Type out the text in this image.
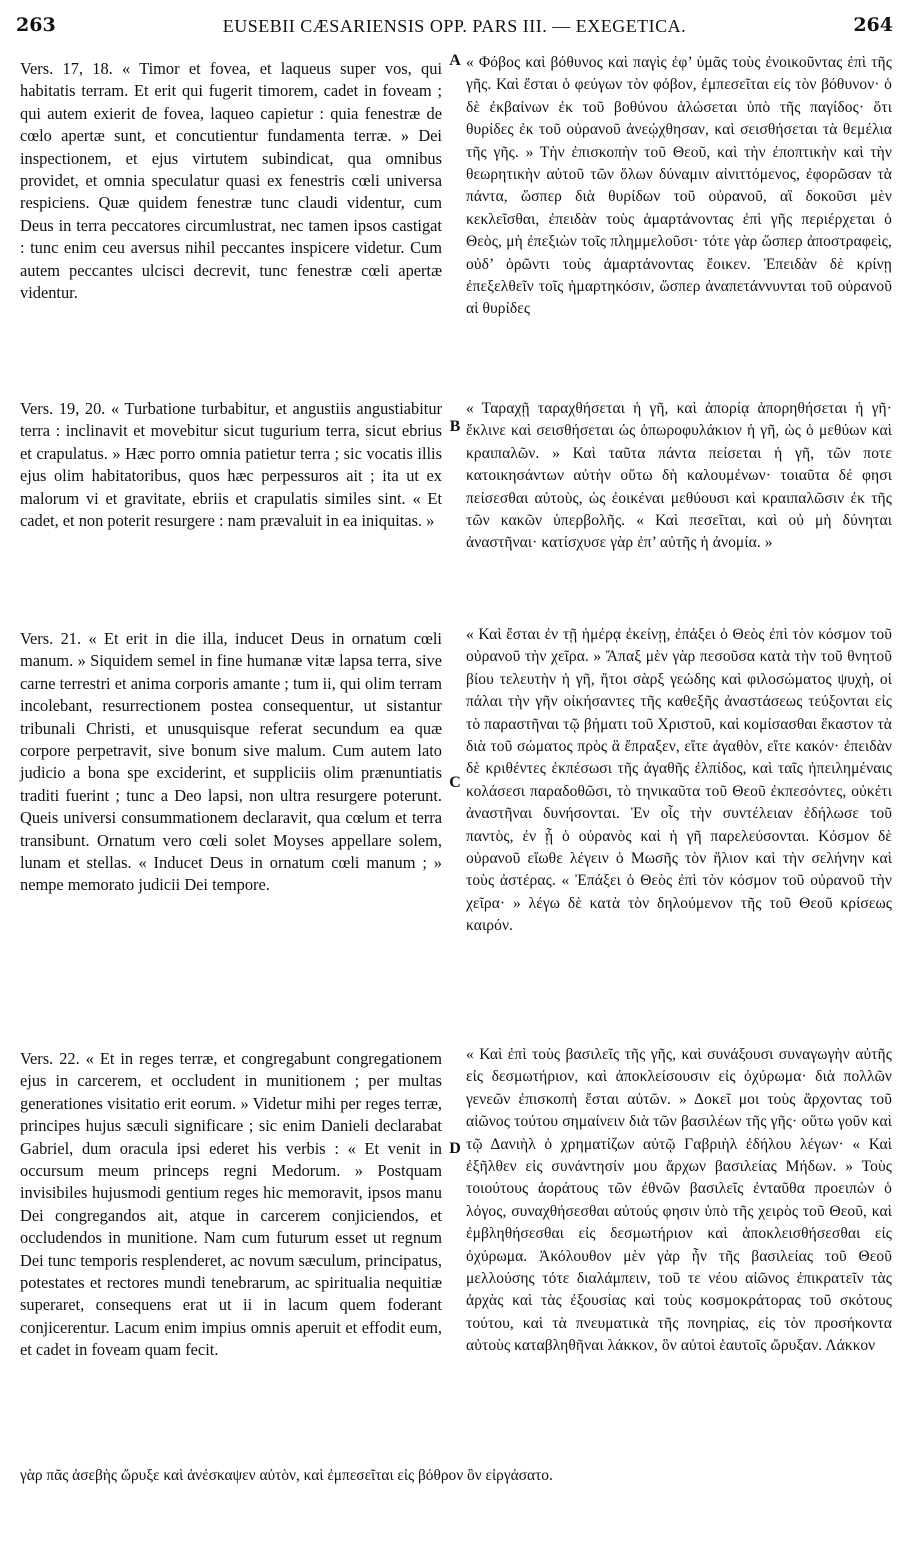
263	EUSEBII CÆSARIENSIS OPP. PARS III. — EXEGETICA.	264

Vers. 17, 18. « Timor et fovea, et laqueus super vos, qui habitatis terram. Et erit qui fugerit timorem, cadet in foveam ; qui autem exierit de fovea, laqueo capietur : quia fenestræ de cœlo apertæ sunt, et concutientur fundamenta terræ. » Dei inspectionem, et ejus virtutem subindicat, qua omnibus providet, et omnia speculatur quasi ex fenestris cœli universa respiciens. Quæ quidem fenestræ tunc claudi videntur, cum Deus in terra peccatores circumlustrat, nec tamen ipsos castigat : tunc enim ceu aversus nihil peccantes inspicere videtur. Cum autem peccantes ulcisci decrevit, tunc fenestræ cœli apertæ videntur.

Vers. 19, 20. « Turbatione turbabitur, et angustiis angustiabitur terra : inclinavit et movebitur sicut tugurium terra, sicut ebrius et crapulatus. » Hæc porro omnia patietur terra ; sic vocatis illis ejus olim habitatoribus, quos hæc perpessuros ait ; ita ut ex malorum vi et gravitate, ebriis et crapulatis similes sint. « Et cadet, et non poterit resurgere : nam prævaluit in ea iniquitas. »

Vers. 21. « Et erit in die illa, inducet Deus in ornatum cœli manum. » Siquidem semel in fine humanæ vitæ lapsa terra, sive carne terrestri et anima corporis amante ; tum ii, qui olim terram incolebant, resurrectionem postea consequentur, ut sistantur tribunali Christi, et unusquisque referat secundum ea quæ corpore perpetravit, sive bonum sive malum. Cum autem lato judicio a bona spe exciderint, et suppliciis olim prænuntiatis traditi fuerint ; tunc a Deo lapsi, non ultra resurgere poterunt. Queis universi consummationem declaravit, qua cœlum et terra transibunt. Ornatum vero cœli solet Moyses appellare solem, lunam et stellas. « Inducet Deus in ornatum cœli manum ; » nempe memorato judicii Dei tempore.

Vers. 22. « Et in reges terræ, et congregabunt congregationem ejus in carcerem, et occludent in munitionem ; per multas generationes visitatio erit eorum. » Videtur mihi per reges terræ, principes hujus sæculi significare ; sic enim Danieli declarabat Gabriel, dum oracula ipsi ederet his verbis : « Et venit in occursum meum princeps regni Medorum. » Postquam invisibiles hujusmodi gentium reges hic memoravit, ipsos manu Dei congregandos ait, atque in carcerem conjiciendos, et occludendos in munitione. Nam cum futurum esset ut regnum Dei tunc temporis resplenderet, ac novum sæculum, principatus, potestates et rectores mundi tenebrarum, ac spiritualia nequitiæ superaret, consequens erat ut ii in lacum quem foderant conjicerentur. Lacum enim impius omnis aperuit et effodit eum, et cadet in foveam quam fecit.

A
B
C
D

« Φόβος καὶ βόθυνος καὶ παγὶς ἐφ’ ὑμᾶς τοὺς ἐνοικοῦντας ἐπὶ τῆς γῆς. Καὶ ἔσται ὁ φεύγων τὸν φόβον, ἐμπεσεῖται εἰς τὸν βόθυνον· ὁ δὲ ἐκβαίνων ἐκ τοῦ βοθύνου ἁλώσεται ὑπὸ τῆς παγίδος· ὅτι θυρίδες ἐκ τοῦ οὐρανοῦ ἀνεῴχθησαν, καὶ σεισθήσεται τὰ θεμέλια τῆς γῆς. » Τὴν ἐπισκοπὴν τοῦ Θεοῦ, καὶ τὴν ἐποπτικὴν καὶ τὴν θεωρητικὴν αὐτοῦ τῶν ὅλων δύναμιν αἰνιττόμενος, ἐφορῶσαν τὰ πάντα, ὥσπερ διὰ θυρίδων τοῦ οὐρανοῦ, αἳ δοκοῦσι μὲν κεκλεῖσθαι, ἐπειδὰν τοὺς ἁμαρτάνοντας ἐπὶ γῆς περιέρχεται ὁ Θεὸς, μὴ ἐπεξιὼν τοῖς πλημμελοῦσι· τότε γὰρ ὥσπερ ἀποστραφεὶς, οὐδ’ ὁρῶντι τοὺς ἁμαρτάνοντας ἔοικεν. Ἐπειδὰν δὲ κρίνῃ ἐπεξελθεῖν τοῖς ἡμαρτηκόσιν, ὥσπερ ἀναπετάννυνται τοῦ οὐρανοῦ αἱ θυρίδες

« Ταραχῇ ταραχθήσεται ἡ γῆ, καὶ ἀπορίᾳ ἀπορηθήσεται ἡ γῆ· ἔκλινε καὶ σεισθήσεται ὡς ὀπωροφυλάκιον ἡ γῆ, ὡς ὁ μεθύων καὶ κραιπαλῶν. » Καὶ ταῦτα πάντα πείσεται ἡ γῆ, τῶν ποτε κατοικησάντων αὐτὴν οὕτω δὴ καλουμένων· τοιαῦτα δέ φησι πείσεσθαι αὐτοὺς, ὡς ἐοικέναι μεθύουσι καὶ κραιπαλῶσιν ἐκ τῆς τῶν κακῶν ὑπερβολῆς. « Καὶ πεσεῖται, καὶ οὐ μὴ δύνηται ἀναστῆναι· κατίσχυσε γὰρ ἐπ’ αὐτῆς ἡ ἀνομία. »

« Καὶ ἔσται ἐν τῇ ἡμέρᾳ ἐκείνῃ, ἐπάξει ὁ Θεὸς ἐπὶ τὸν κόσμον τοῦ οὐρανοῦ τὴν χεῖρα. » Ἅπαξ μὲν γὰρ πεσοῦσα κατὰ τὴν τοῦ θνητοῦ βίου τελευτὴν ἡ γῆ, ἤτοι σὰρξ γεώδης καὶ φιλοσώματος ψυχὴ, οἱ πάλαι τὴν γῆν οἰκήσαντες τῆς καθεξῆς ἀναστάσεως τεύξονται εἰς τὸ παραστῆναι τῷ βήματι τοῦ Χριστοῦ, καὶ κομίσασθαι ἕκαστον τὰ διὰ τοῦ σώματος πρὸς ἃ ἔπραξεν, εἴτε ἀγαθὸν, εἴτε κακόν· ἐπειδὰν δὲ κριθέντες ἐκπέσωσι τῆς ἀγαθῆς ἐλπίδος, καὶ ταῖς ἠπειλημέναις κολάσεσι παραδοθῶσι, τὸ τηνικαῦτα τοῦ Θεοῦ ἐκπεσόντες, οὐκέτι ἀναστῆναι δυνήσονται. Ἐν οἷς τὴν συντέλειαν ἐδήλωσε τοῦ παντὸς, ἐν ᾗ ὁ οὐρανὸς καὶ ἡ γῆ παρελεύσονται. Κόσμον δὲ οὐρανοῦ εἴωθε λέγειν ὁ Μωσῆς τὸν ἥλιον καὶ τὴν σελήνην καὶ τοὺς ἀστέρας. « Ἐπάξει ὁ Θεὸς ἐπὶ τὸν κόσμον τοῦ οὐρανοῦ τὴν χεῖρα· » λέγω δὲ κατὰ τὸν δηλούμενον τῆς τοῦ Θεοῦ κρίσεως καιρόν.

« Καὶ ἐπὶ τοὺς βασιλεῖς τῆς γῆς, καὶ συνάξουσι συναγωγὴν αὐτῆς εἰς δεσμωτήριον, καὶ ἀποκλείσουσιν εἰς ὀχύρωμα· διὰ πολλῶν γενεῶν ἐπισκοπὴ ἔσται αὐτῶν. » Δοκεῖ μοι τοὺς ἄρχοντας τοῦ αἰῶνος τούτου σημαίνειν διὰ τῶν βασιλέων τῆς γῆς· οὕτω γοῦν καὶ τῷ Δανιὴλ ὁ χρηματίζων αὐτῷ Γαβριὴλ ἐδήλου λέγων· « Καὶ ἐξῆλθεν εἰς συνάντησίν μου ἄρχων βασιλείας Μήδων. » Τοὺς τοιούτους ἀοράτους τῶν ἐθνῶν βασιλεῖς ἐνταῦθα προειπὼν ὁ λόγος, συναχθήσεσθαι αὐτούς φησιν ὑπὸ τῆς χειρὸς τοῦ Θεοῦ, καὶ ἐμβληθήσεσθαι εἰς δεσμωτήριον καὶ ἀποκλεισθήσεσθαι εἰς ὀχύρωμα. Ἀκόλουθον μὲν γὰρ ἦν τῆς βασιλείας τοῦ Θεοῦ μελλούσης τότε διαλάμπειν, τοῦ τε νέου αἰῶνος ἐπικρατεῖν τὰς ἀρχὰς καὶ τὰς ἐξουσίας καὶ τοὺς κοσμοκράτορας τοῦ σκότους τούτου, καὶ τὰ πνευματικὰ τῆς πονηρίας, εἰς τὸν προσήκοντα αὐτοὺς καταβληθῆναι λάκκον, ὃν αὐτοὶ ἑαυτοῖς ὤρυξαν. Λάκκον

γὰρ πᾶς ἀσεβὴς ὤρυξε καὶ ἀνέσκαψεν αὐτὸν, καὶ ἐμπεσεῖται εἰς βόθρον ὃν εἰργάσατο.
